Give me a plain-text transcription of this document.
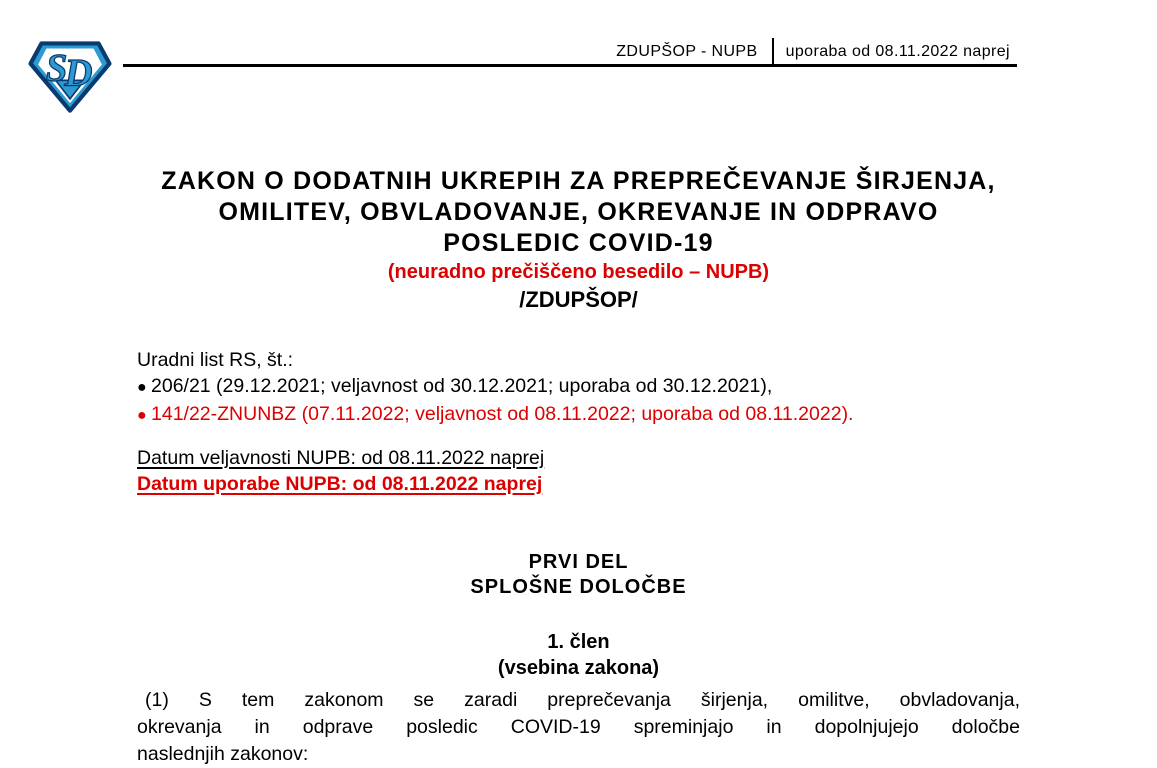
S
D
ZDUPŠOP - NUPB uporaba od 08.11.2022 naprej
ZAKON O DODATNIH UKREPIH ZA PREPREČEVANJE ŠIRJENJA,
OMILITEV, OBVLADOVANJE, OKREVANJE IN ODPRAVO
POSLEDIC COVID-19
(neuradno prečiščeno besedilo – NUPB)
/ZDUPŠOP/
Uradni list RS, št.:
● 206/21 (29.12.2021; veljavnost od 30.12.2021; uporaba od 30.12.2021),
● 141/22-ZNUNBZ (07.11.2022; veljavnost od 08.11.2022; uporaba od 08.11.2022).
Datum veljavnosti NUPB: od 08.11.2022 naprej
Datum uporabe NUPB: od 08.11.2022 naprej
PRVI DEL
SPLOŠNE DOLOČBE
1. člen
(vsebina zakona)
(1) S tem zakonom se zaradi preprečevanja širjenja, omilitve, obvladovanja,
okrevanja in odprave posledic COVID-19 spreminjajo in dopolnjujejo določbe
naslednjih zakonov:
